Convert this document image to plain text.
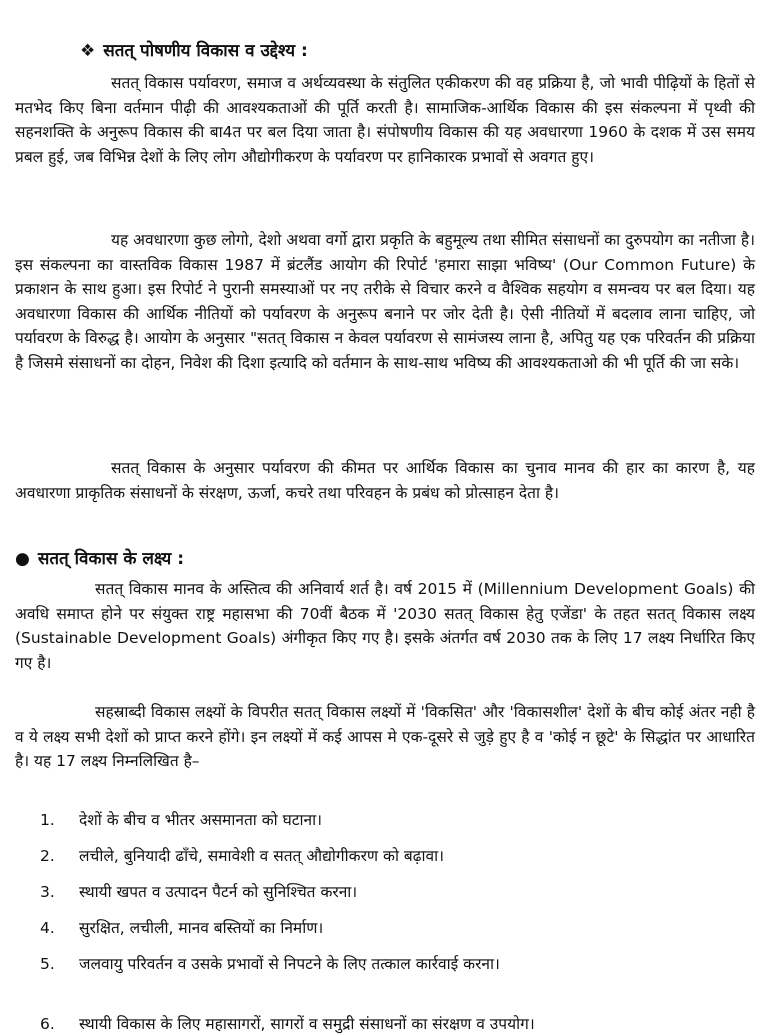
❖ सतत् पोषणीय विकास व उद्देश्य :

सतत् विकास पर्यावरण, समाज व अर्थव्यवस्था के संतुलित एकीकरण की वह प्रक्रिया है, जो भावी पीढ़ियों के हितों से मतभेद किए बिना वर्तमान पीढ़ी की आवश्यकताओं की पूर्ति करती है। सामाजिक-आर्थिक विकास की इस संकल्पना में पृथ्वी की सहनशक्ति के अनुरूप विकास की बा4त पर बल दिया जाता है। संपोषणीय विकास की यह अवधारणा 1960 के दशक में उस समय प्रबल हुई, जब विभिन्न देशों के लिए लोग औद्योगीकरण के पर्यावरण पर हानिकारक प्रभावों से अवगत हुए।

यह अवधारणा कुछ लोगो, देशो अथवा वर्गो द्वारा प्रकृति के बहुमूल्य तथा सीमित संसाधनों का दुरुपयोग का नतीजा है। इस संकल्पना का वास्तविक विकास 1987 में ब्रंटलैंड आयोग की रिपोर्ट 'हमारा साझा भविष्य' (Our Common Future) के प्रकाशन के साथ हुआ। इस रिपोर्ट ने पुरानी समस्याओं पर नए तरीके से विचार करने व वैश्विक सहयोग व समन्वय पर बल दिया। यह अवधारणा विकास की आर्थिक नीतियों को पर्यावरण के अनुरूप बनाने पर जोर देती है। ऐसी नीतियों में बदलाव लाना चाहिए, जो पर्यावरण के विरुद्ध है। आयोग के अनुसार "सतत् विकास न केवल पर्यावरण से सामंजस्य लाना है, अपितु यह एक परिवर्तन की प्रक्रिया है जिसमे संसाधनों का दोहन, निवेश की दिशा इत्यादि को वर्तमान के साथ-साथ भविष्य की आवश्यकताओ की भी पूर्ति की जा सके।

सतत् विकास के अनुसार पर्यावरण की कीमत पर आर्थिक विकास का चुनाव मानव की हार का कारण है, यह अवधारणा प्राकृतिक संसाधनों के संरक्षण, ऊर्जा, कचरे तथा परिवहन के प्रबंध को प्रोत्साहन देता है।

● सतत् विकास के लक्ष्य :

सतत् विकास मानव के अस्तित्व की अनिवार्य शर्त है। वर्ष 2015 में (Millennium Development Goals) की अवधि समाप्त होने पर संयुक्त राष्ट्र महासभा की 70वीं बैठक में '2030 सतत् विकास हेतु एजेंडा' के तहत सतत् विकास लक्ष्य (Sustainable Development Goals) अंगीकृत किए गए है। इसके अंतर्गत वर्ष 2030 तक के लिए 17 लक्ष्य निर्धारित किए गए है।

सहस्राब्दी विकास लक्ष्यों के विपरीत सतत् विकास लक्ष्यों में 'विकसित' और 'विकासशील' देशों के बीच कोई अंतर नही है व ये लक्ष्य सभी देशों को प्राप्त करने होंगे। इन लक्ष्यों में कई आपस मे एक-दूसरे से जुड़े हुए है व 'कोई न छूटे' के सिद्धांत पर आधारित है। यह 17 लक्ष्य निम्नलिखित है–

1.	देशों के बीच व भीतर असमानता को घटाना।
2.	लचीले, बुनियादी ढाँचे, समावेशी व सतत् औद्योगीकरण को बढ़ावा।
3.	स्थायी खपत व उत्पादन पैटर्न को सुनिश्चित करना।
4.	सुरक्षित, लचीली, मानव बस्तियों का निर्माण।
5.	जलवायु परिवर्तन व उसके प्रभावों से निपटने के लिए तत्काल कार्रवाई करना।
6. स्थायी विकास के लिए महासागरों, सागरों व समुद्री संसाधनों का संरक्षण व उपयोग।
